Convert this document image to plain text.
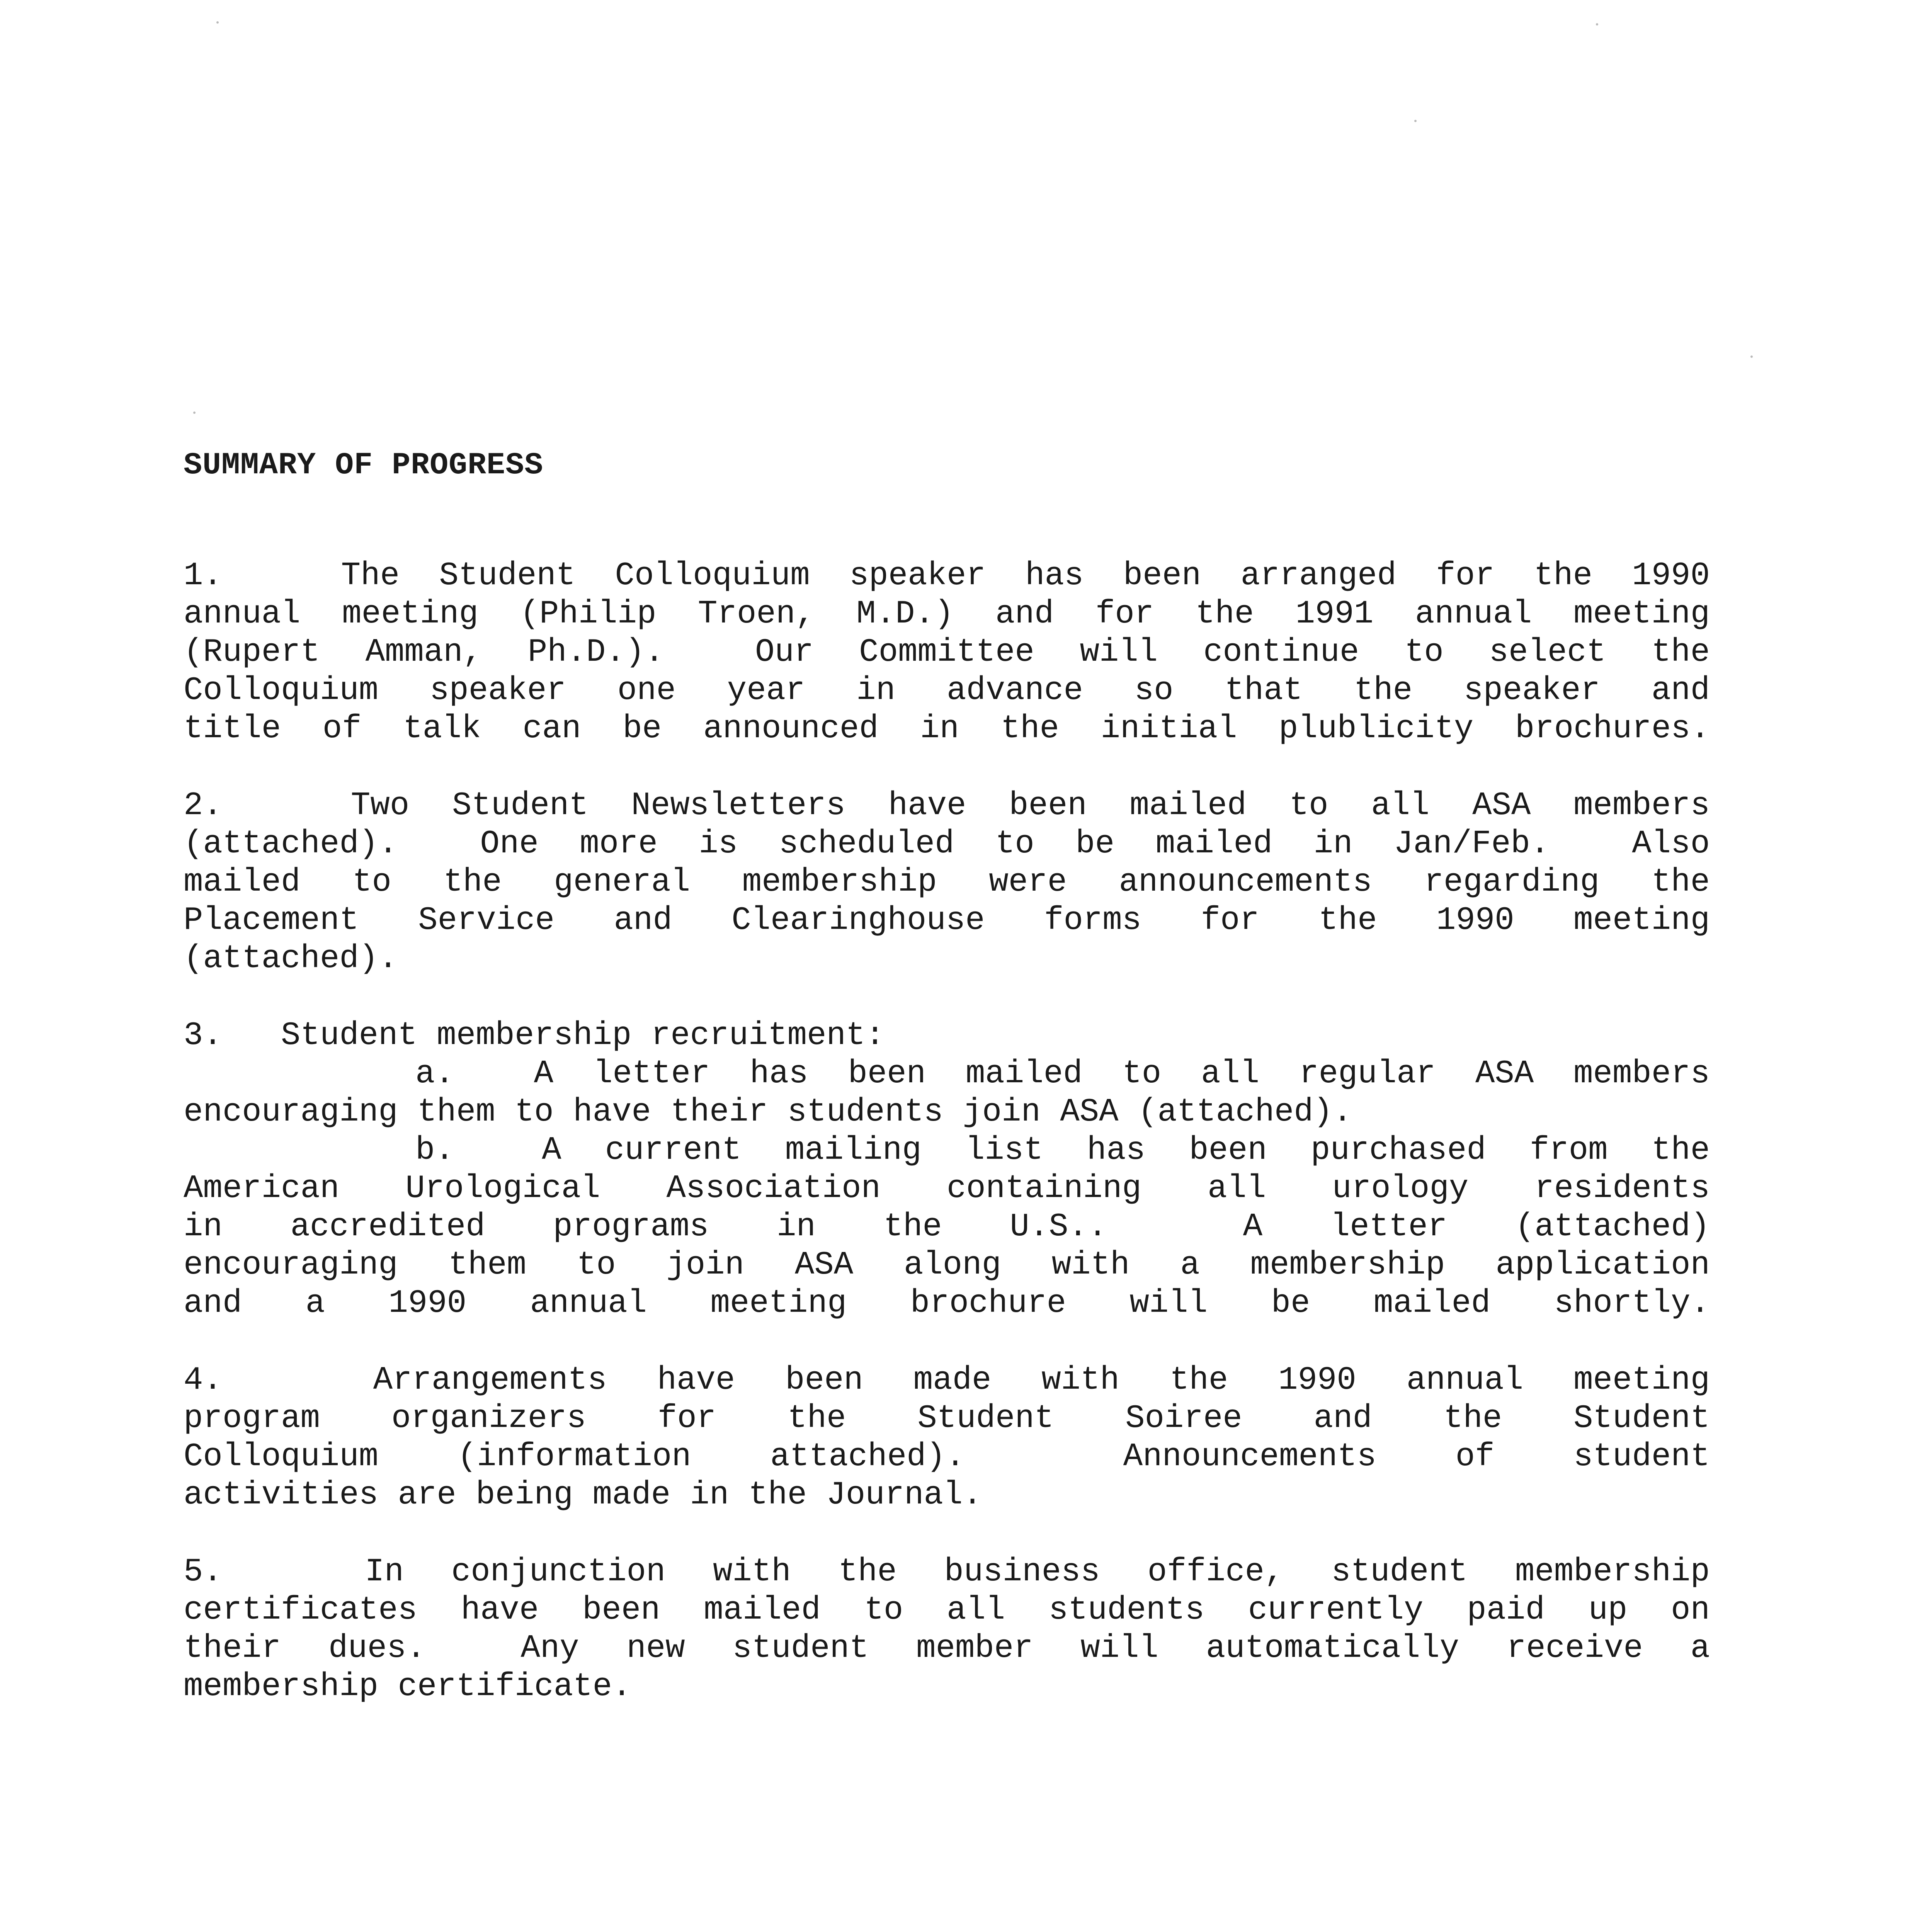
SUMMARY OF PROGRESS
1.   The Student Colloquium speaker has been arranged for the 1990
annual meeting (Philip Troen, M.D.) and for the 1991 annual meeting
(Rupert Amman, Ph.D.).  Our Committee will continue to select the
Colloquium speaker one year in advance so that the speaker and
title of talk can be announced in the initial plublicity brochures.
2.   Two Student Newsletters have been mailed to all ASA members
(attached).  One more is scheduled to be mailed in Jan/Feb.  Also
mailed to the general membership were announcements regarding the
Placement Service and Clearinghouse forms for the 1990 meeting
(attached).
3.   Student membership recruitment:
a.  A letter has been mailed to all regular ASA members
encouraging them to have their students join ASA (attached).
b.  A current mailing list has been purchased from the
American Urological Association containing all urology residents
in accredited programs in the U.S..  A letter (attached)
encouraging them to join ASA along with a membership application
and a 1990 annual meeting brochure will be mailed shortly.
4.   Arrangements have been made with the 1990 annual meeting
program organizers for the Student Soiree and the Student
Colloquium (information attached).  Announcements of student
activities are being made in the Journal.
5.   In conjunction with the business office, student membership
certificates have been mailed to all students currently paid up on
their dues.  Any new student member will automatically receive a
membership certificate.
